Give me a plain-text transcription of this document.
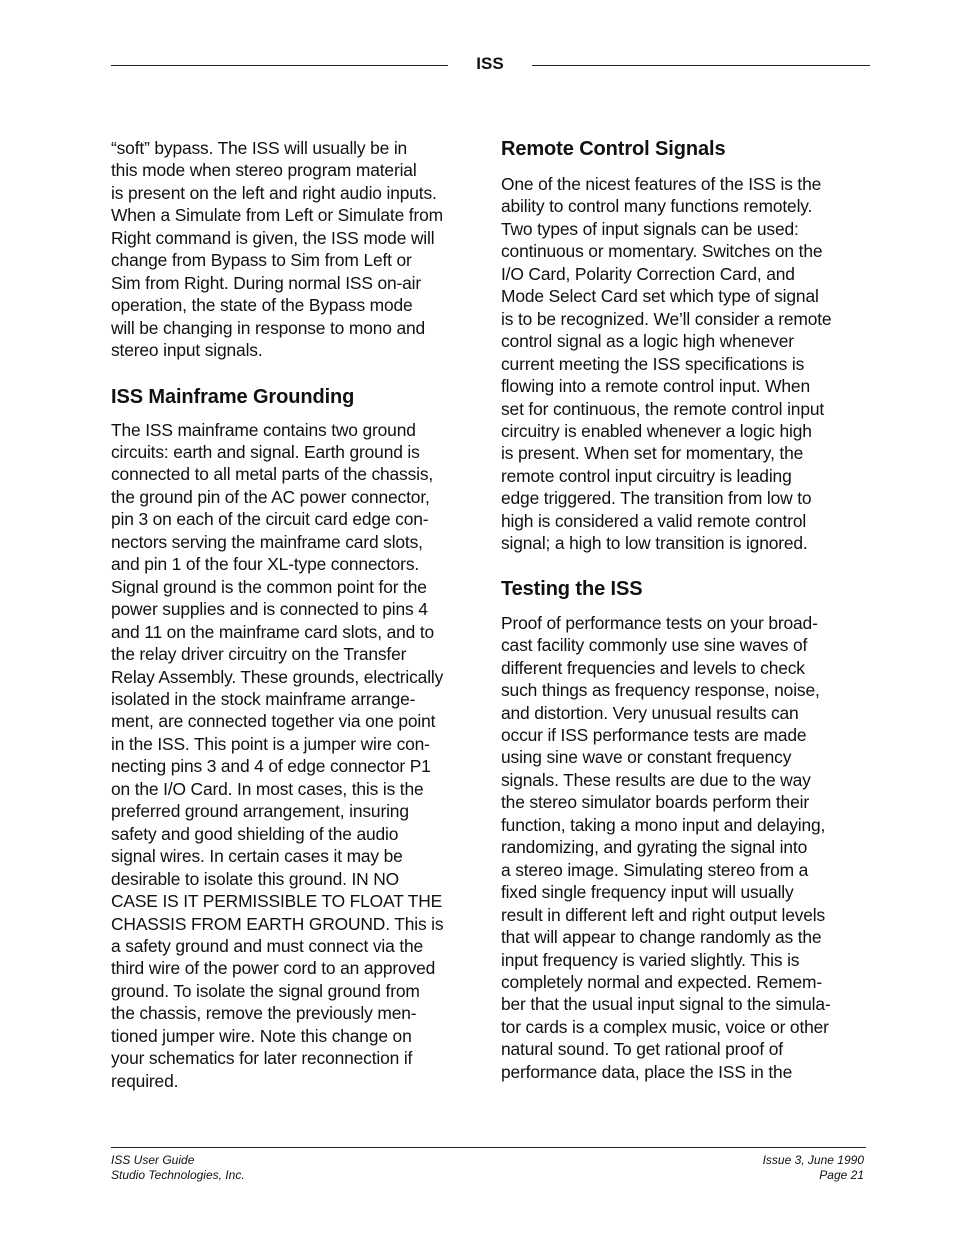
ISS
“soft” bypass. The ISS will usually be in
this mode when stereo program material
is present on the left and right audio inputs.
When a Simulate from Left or Simulate from
Right command is given, the ISS mode will
change from Bypass to Sim from Left or
Sim from Right. During normal ISS on-air
operation, the state of the Bypass mode
will be changing in response to mono and
stereo input signals.
ISS Mainframe Grounding
The ISS mainframe contains two ground
circuits: earth and signal. Earth ground is
connected to all metal parts of the chassis,
the ground pin of the AC power connector,
pin 3 on each of the circuit card edge con-
nectors serving the mainframe card slots,
and pin 1 of the four XL-type connectors.
Signal ground is the common point for the
power supplies and is connected to pins 4
and 11 on the mainframe card slots, and to
the relay driver circuitry on the Transfer
Relay Assembly. These grounds, electrically
isolated in the stock mainframe arrange-
ment, are connected together via one point
in the ISS. This point is a jumper wire con-
necting pins 3 and 4 of edge connector P1
on the I/O Card. In most cases, this is the
preferred ground arrangement, insuring
safety and good shielding of the audio
signal wires. In certain cases it may be
desirable to isolate this ground. IN NO
CASE IS IT PERMISSIBLE TO FLOAT THE
CHASSIS FROM EARTH GROUND. This is
a safety ground and must connect via the
third wire of the power cord to an approved
ground. To isolate the signal ground from
the chassis, remove the previously men-
tioned jumper wire. Note this change on
your schematics for later reconnection if
required.
Remote Control Signals
One of the nicest features of the ISS is the
ability to control many functions remotely.
Two types of input signals can be used:
continuous or momentary. Switches on the
I/O Card, Polarity Correction Card, and
Mode Select Card set which type of signal
is to be recognized. We’ll consider a remote
control signal as a logic high whenever
current meeting the ISS specifications is
flowing into a remote control input. When
set for continuous, the remote control input
circuitry is enabled whenever a logic high
is present. When set for momentary, the
remote control input circuitry is leading
edge triggered. The transition from low to
high is considered a valid remote control
signal; a high to low transition is ignored.
Testing the ISS
Proof of performance tests on your broad-
cast facility commonly use sine waves of
different frequencies and levels to check
such things as frequency response, noise,
and distortion. Very unusual results can
occur if ISS performance tests are made
using sine wave or constant frequency
signals. These results are due to the way
the stereo simulator boards perform their
function, taking a mono input and delaying,
randomizing, and gyrating the signal into
a stereo image. Simulating stereo from a
fixed single frequency input will usually
result in different left and right output levels
that will appear to change randomly as the
input frequency is varied slightly. This is
completely normal and expected. Remem-
ber that the usual input signal to the simula-
tor cards is a complex music, voice or other
natural sound. To get rational proof of
performance data, place the ISS in the
ISS User Guide
Studio Technologies, Inc.
Issue 3, June 1990
Page 21
